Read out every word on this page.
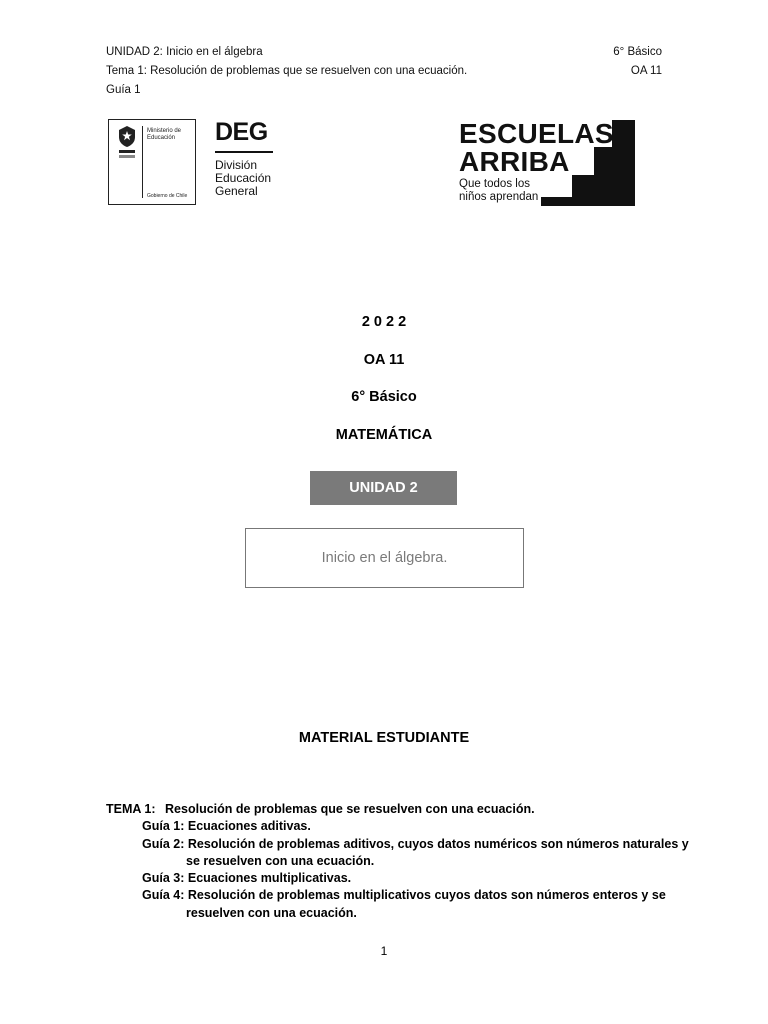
UNIDAD 2: Inicio en el álgebra
Tema 1: Resolución de problemas que se resuelven con una ecuación.
Guía 1
6° Básico
OA 11
Ministerio de Educación
Gobierno de Chile
DEG
División
Educación
General
ESCUELAS
ARRIBA
Que todos los
niños aprendan
2 0 2 2
OA 11
6° Básico
MATEMÁTICA
UNIDAD 2
Inicio en el álgebra.
MATERIAL ESTUDIANTE
TEMA 1: Resolución de problemas que se resuelven con una ecuación.
Guía 1: Ecuaciones aditivas.
Guía 2: Resolución de problemas aditivos, cuyos datos numéricos son números naturales y
se resuelven con una ecuación.
Guía 3: Ecuaciones multiplicativas.
Guía 4: Resolución de problemas multiplicativos cuyos datos son números enteros y se
resuelven con una ecuación.
1
